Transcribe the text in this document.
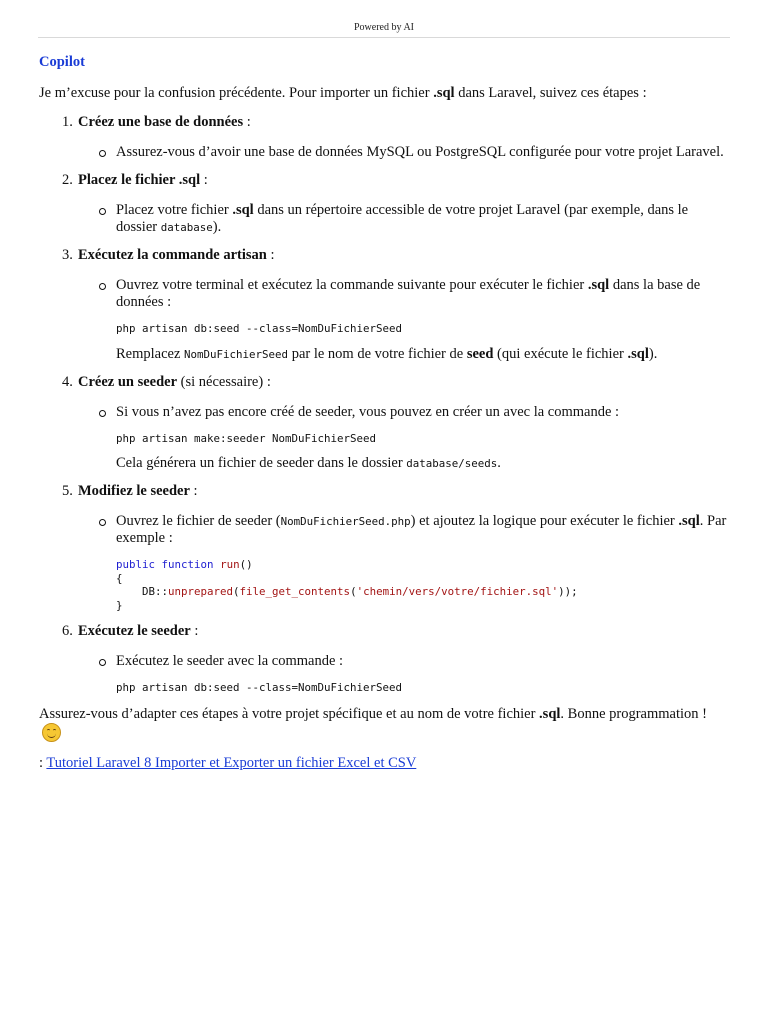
Powered by AI
Copilot

Je m’excuse pour la confusion précédente. Pour importer un fichier .sql dans Laravel, suivez ces étapes :

1. Créez une base de données :
Assurez-vous d’avoir une base de données MySQL ou PostgreSQL configurée pour votre projet Laravel.
2. Placez le fichier .sql :
Placez votre fichier .sql dans un répertoire accessible de votre projet Laravel (par exemple, dans le dossier database).
3. Exécutez la commande artisan :
Ouvrez votre terminal et exécutez la commande suivante pour exécuter le fichier .sql dans la base de données :
php artisan db:seed --class=NomDuFichierSeed
Remplacez NomDuFichierSeed par le nom de votre fichier de seed (qui exécute le fichier .sql).
4. Créez un seeder (si nécessaire) :
Si vous n’avez pas encore créé de seeder, vous pouvez en créer un avec la commande :
php artisan make:seeder NomDuFichierSeed
Cela générera un fichier de seeder dans le dossier database/seeds.
5. Modifiez le seeder :
Ouvrez le fichier de seeder (NomDuFichierSeed.php) et ajoutez la logique pour exécuter le fichier .sql. Par exemple :
public function run()
{
DB::unprepared(file_get_contents('chemin/vers/votre/fichier.sql'));
}
6. Exécutez le seeder :
Exécutez le seeder avec la commande :
php artisan db:seed --class=NomDuFichierSeed

Assurez-vous d’adapter ces étapes à votre projet spécifique et au nom de votre fichier .sql. Bonne programmation !

: Tutoriel Laravel 8 Importer et Exporter un fichier Excel et CSV
